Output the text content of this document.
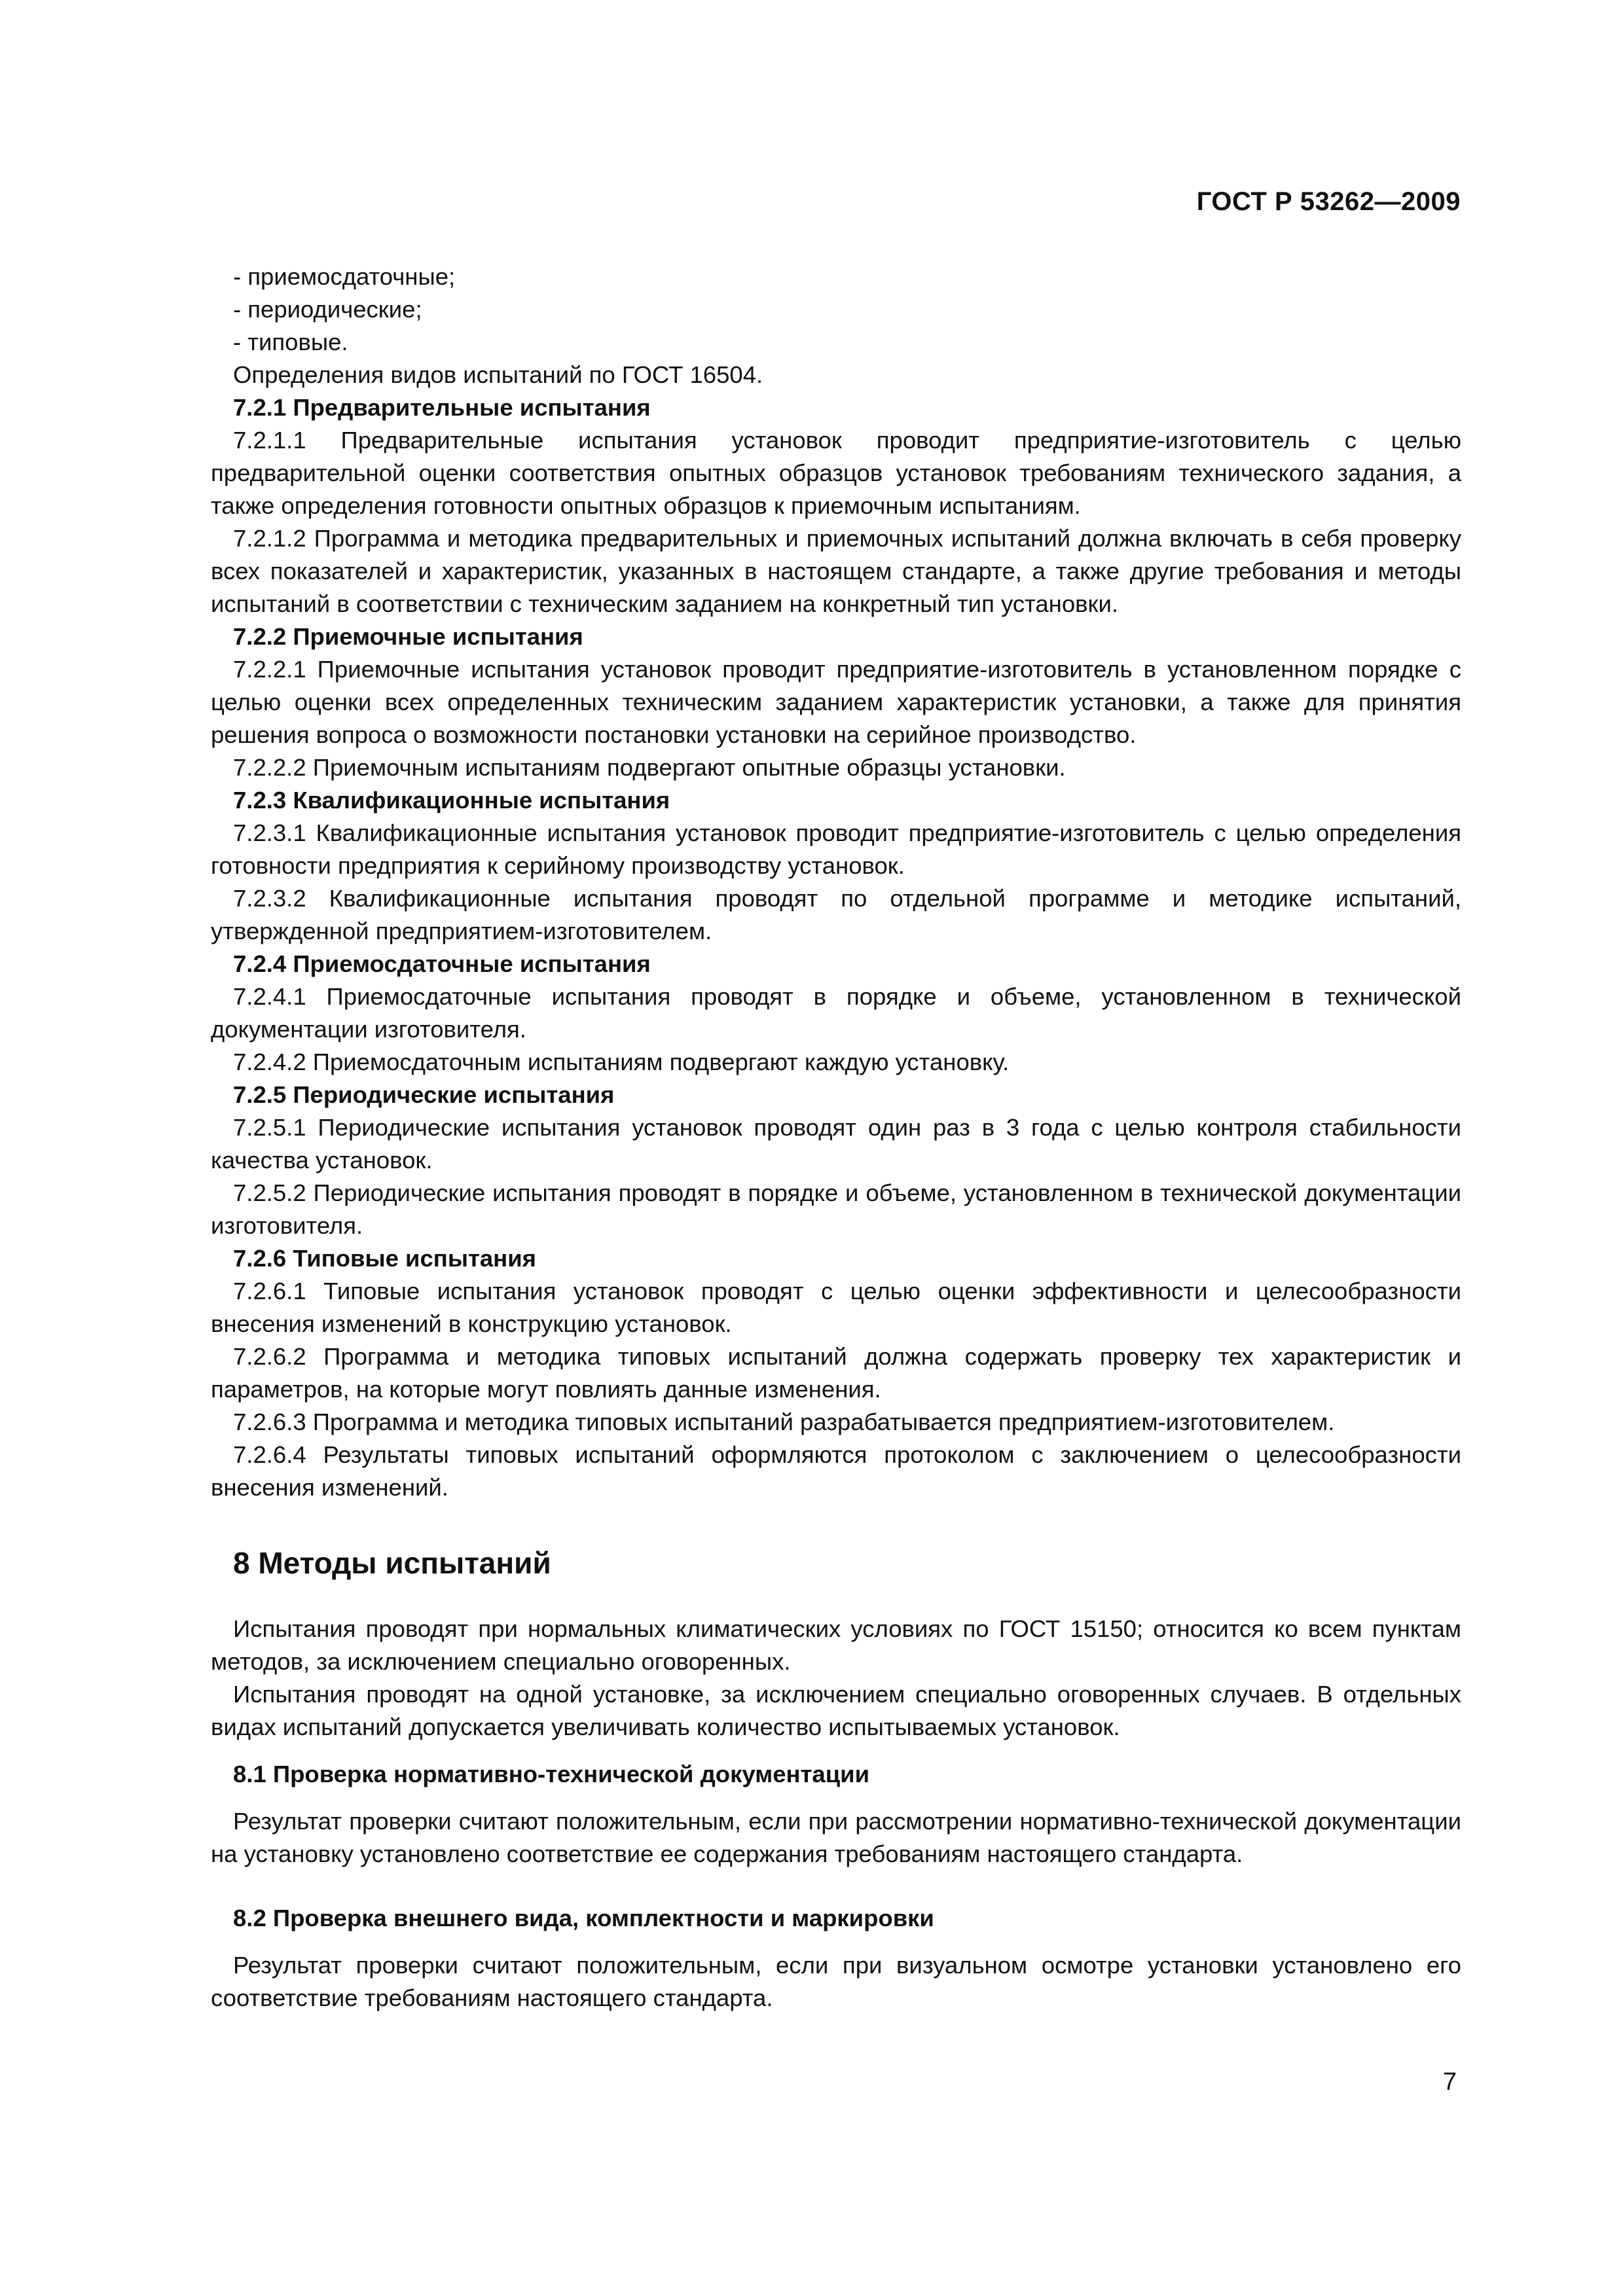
ГОСТ Р 53262—2009

- приемосдаточные;

- периодические;

- типовые.

Определения видов испытаний по ГОСТ 16504.

7.2.1 Предварительные испытания

7.2.1.1 Предварительные испытания установок проводит предприятие-изготовитель с целью предварительной оценки соответствия опытных образцов установок требованиям технического задания, а также определения готовности опытных образцов к приемочным испытаниям.

7.2.1.2 Программа и методика предварительных и приемочных испытаний должна включать в себя проверку всех показателей и характеристик, указанных в настоящем стандарте, а также другие требования и методы испытаний в соответствии с техническим заданием на конкретный тип установки.

7.2.2 Приемочные испытания

7.2.2.1 Приемочные испытания установок проводит предприятие-изготовитель в установленном порядке с целью оценки всех определенных техническим заданием характеристик установки, а также для принятия решения вопроса о возможности постановки установки на серийное производство.

7.2.2.2 Приемочным испытаниям подвергают опытные образцы установки.

7.2.3 Квалификационные испытания

7.2.3.1 Квалификационные испытания установок проводит предприятие-изготовитель с целью определения готовности предприятия к серийному производству установок.

7.2.3.2 Квалификационные испытания проводят по отдельной программе и методике испытаний, утвержденной предприятием-изготовителем.

7.2.4 Приемосдаточные испытания

7.2.4.1 Приемосдаточные испытания проводят в порядке и объеме, установленном в технической документации изготовителя.

7.2.4.2 Приемосдаточным испытаниям подвергают каждую установку.

7.2.5 Периодические испытания

7.2.5.1 Периодические испытания установок проводят один раз в 3 года с целью контроля стабильности качества установок.

7.2.5.2 Периодические испытания проводят в порядке и объеме, установленном в технической документации изготовителя.

7.2.6 Типовые испытания

7.2.6.1 Типовые испытания установок проводят с целью оценки эффективности и целесообразности внесения изменений в конструкцию установок.

7.2.6.2 Программа и методика типовых испытаний должна содержать проверку тех характеристик и параметров, на которые могут повлиять данные изменения.

7.2.6.3 Программа и методика типовых испытаний разрабатывается предприятием-изготовителем.

7.2.6.4 Результаты типовых испытаний оформляются протоколом с заключением о целесообразности внесения изменений.

8 Методы испытаний

Испытания проводят при нормальных климатических условиях по ГОСТ 15150; относится ко всем пунктам методов, за исключением специально оговоренных.

Испытания проводят на одной установке, за исключением специально оговоренных случаев. В отдельных видах испытаний допускается увеличивать количество испытываемых установок.

8.1 Проверка нормативно-технической документации

Результат проверки считают положительным, если при рассмотрении нормативно-технической документации на установку установлено соответствие ее содержания требованиям настоящего стандарта.

8.2 Проверка внешнего вида, комплектности и маркировки

Результат проверки считают положительным, если при визуальном осмотре установки установлено его соответствие требованиям настоящего стандарта.

7
